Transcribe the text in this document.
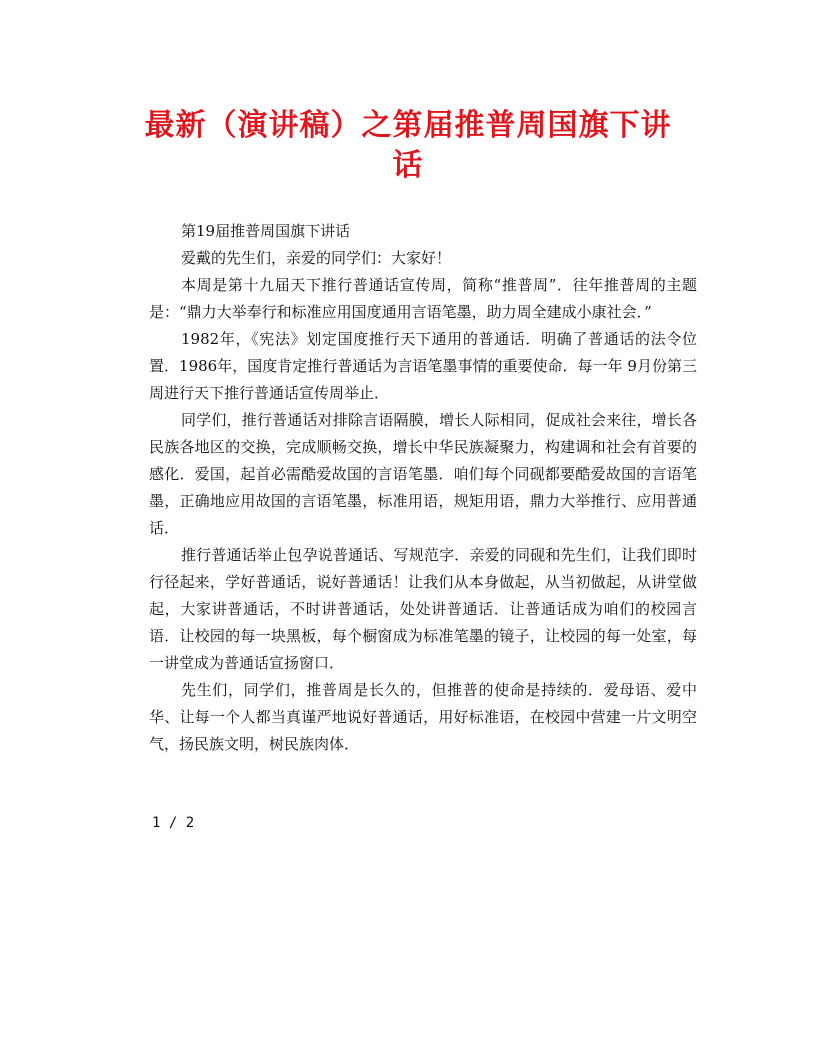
最新（演讲稿）之第届推普周国旗下讲
话

第19届推普周国旗下讲话

爱戴的先生们，亲爱的同学们：大家好！

本周是第十九届天下推行普通话宣传周，简称“推普周”．往年推普周的主题是：“鼎力大举奉行和标准应用国度通用言语笔墨，助力周全建成小康社会．”

1982年，《宪法》划定国度推行天下通用的普通话．明确了普通话的法令位置．1986年，国度肯定推行普通话为言语笔墨事情的重要使命．每一年 9月份第三周进行天下推行普通话宣传周举止．

同学们，推行普通话对排除言语隔膜，增长人际相同，促成社会来往，增长各民族各地区的交换，完成顺畅交换，增长中华民族凝聚力，构建调和社会有首要的感化．爱国，起首必需酷爱故国的言语笔墨．咱们每个同砚都要酷爱故国的言语笔墨，正确地应用故国的言语笔墨，标准用语，规矩用语，鼎力大举推行、应用普通话．

推行普通话举止包孕说普通话、写规范字．亲爱的同砚和先生们，让我们即时行径起来，学好普通话，说好普通话！让我们从本身做起，从当初做起，从讲堂做起，大家讲普通话，不时讲普通话，处处讲普通话．让普通话成为咱们的校园言语．让校园的每一块黑板，每个橱窗成为标准笔墨的镜子，让校园的每一处室，每一讲堂成为普通话宣扬窗口．

先生们，同学们，推普周是长久的，但推普的使命是持续的．爱母语、爱中华、让每一个人都当真谨严地说好普通话，用好标准语，在校园中营建一片文明空气，扬民族文明，树民族肉体．

1 / 2
